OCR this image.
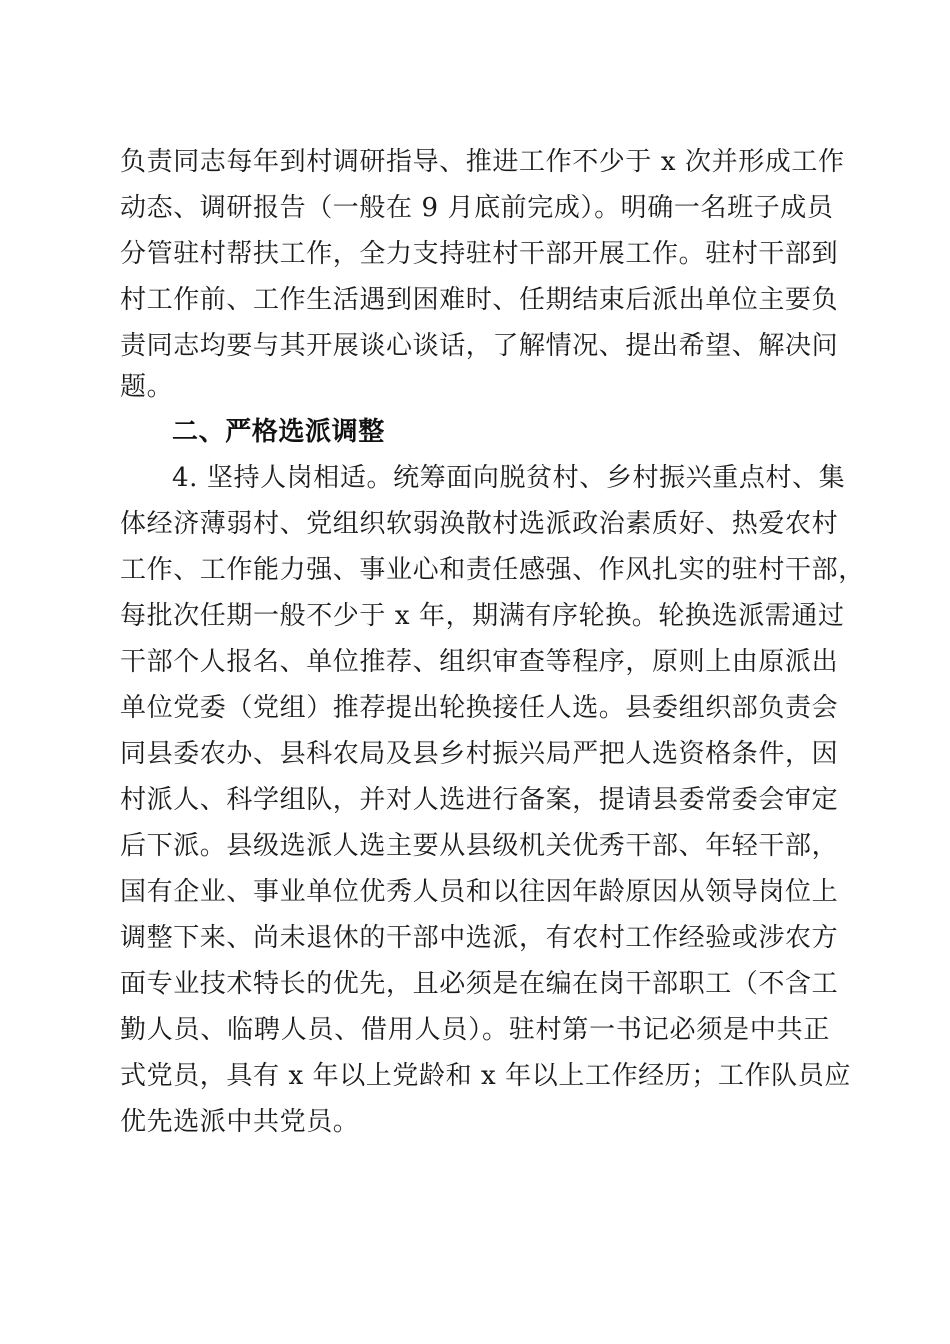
负责同志每年到村调研指导、推进工作不少于 x 次并形成工作
动态、调研报告（一般在 9 月底前完成）。明确一名班子成员
分管驻村帮扶工作，全力支持驻村干部开展工作。驻村干部到
村工作前、工作生活遇到困难时、任期结束后派出单位主要负
责同志均要与其开展谈心谈话，了解情况、提出希望、解决问
题。
二、严格选派调整
4. 坚持人岗相适。统筹面向脱贫村、乡村振兴重点村、集
体经济薄弱村、党组织软弱涣散村选派政治素质好、热爱农村
工作、工作能力强、事业心和责任感强、作风扎实的驻村干部，
每批次任期一般不少于 x 年，期满有序轮换。轮换选派需通过
干部个人报名、单位推荐、组织审查等程序，原则上由原派出
单位党委（党组）推荐提出轮换接任人选。县委组织部负责会
同县委农办、县科农局及县乡村振兴局严把人选资格条件，因
村派人、科学组队，并对人选进行备案，提请县委常委会审定
后下派。县级选派人选主要从县级机关优秀干部、年轻干部，
国有企业、事业单位优秀人员和以往因年龄原因从领导岗位上
调整下来、尚未退休的干部中选派，有农村工作经验或涉农方
面专业技术特长的优先，且必须是在编在岗干部职工（不含工
勤人员、临聘人员、借用人员）。驻村第一书记必须是中共正
式党员，具有 x 年以上党龄和 x 年以上工作经历；工作队员应
优先选派中共党员。
